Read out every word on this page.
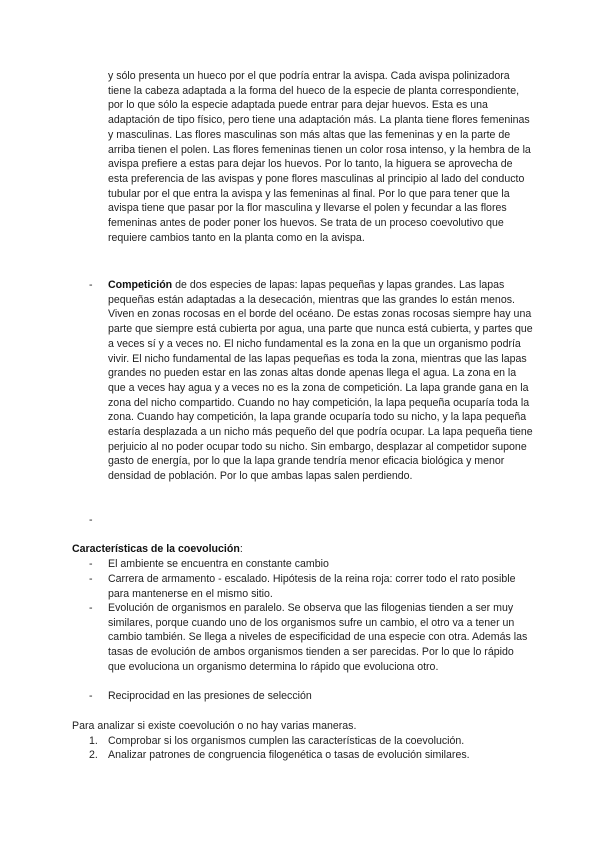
y sólo presenta un hueco por el que podría entrar la avispa. Cada avispa polinizadora tiene la cabeza adaptada a la forma del hueco de la especie de planta correspondiente, por lo que sólo la especie adaptada puede entrar para dejar huevos. Esta es una adaptación de tipo físico, pero tiene una adaptación más. La planta tiene flores femeninas y masculinas. Las flores masculinas son más altas que las femeninas y en la parte de arriba tienen el polen. Las flores femeninas tienen un color rosa intenso, y la hembra de la avispa prefiere a estas para dejar los huevos. Por lo tanto, la higuera se aprovecha de esta preferencia de las avispas y pone flores masculinas al principio al lado del conducto tubular por el que entra la avispa y las femeninas al final. Por lo que para tener que la avispa tiene que pasar por la flor masculina y llevarse el polen y fecundar a las flores femeninas antes de poder poner los huevos. Se trata de un proceso coevolutivo que requiere cambios tanto en la planta como en la avispa.

-	Competición de dos especies de lapas: lapas pequeñas y lapas grandes. Las lapas pequeñas están adaptadas a la desecación, mientras que las grandes lo están menos. Viven en zonas rocosas en el borde del océano. De estas zonas rocosas siempre hay una parte que siempre está cubierta por agua, una parte que nunca está cubierta, y partes que a veces sí y a veces no. El nicho fundamental es la zona en la que un organismo podría vivir. El nicho fundamental de las lapas pequeñas es toda la zona, mientras que las lapas grandes no pueden estar en las zonas altas donde apenas llega el agua. La zona en la que a veces hay agua y a veces no es la zona de competición. La lapa grande gana en la zona del nicho compartido. Cuando no hay competición, la lapa pequeña ocuparía toda la zona. Cuando hay competición, la lapa grande ocuparía todo su nicho, y la lapa pequeña estaría desplazada a un nicho más pequeño del que podría ocupar. La lapa pequeña tiene perjuicio al no poder ocupar todo su nicho. Sin embargo, desplazar al competidor supone gasto de energía, por lo que la lapa grande tendría menor eficacia biológica y menor densidad de población. Por lo que ambas lapas salen perdiendo.

-

Características de la coevolución:

-	El ambiente se encuentra en constante cambio

-	Carrera de armamento - escalado. Hipótesis de la reina roja: correr todo el rato posible para mantenerse en el mismo sitio.

-	Evolución de organismos en paralelo. Se observa que las filogenias tienden a ser muy similares, porque cuando uno de los organismos sufre un cambio, el otro va a tener un cambio también. Se llega a niveles de especificidad de una especie con otra. Además las tasas de evolución de ambos organismos tienden a ser parecidas. Por lo que lo rápido que evoluciona un organismo determina lo rápido que evoluciona otro.

-	Reciprocidad en las presiones de selección

Para analizar si existe coevolución o no hay varias maneras.

1. Comprobar si los organismos cumplen las características de la coevolución.

2. Analizar patrones de congruencia filogenética o tasas de evolución similares.
